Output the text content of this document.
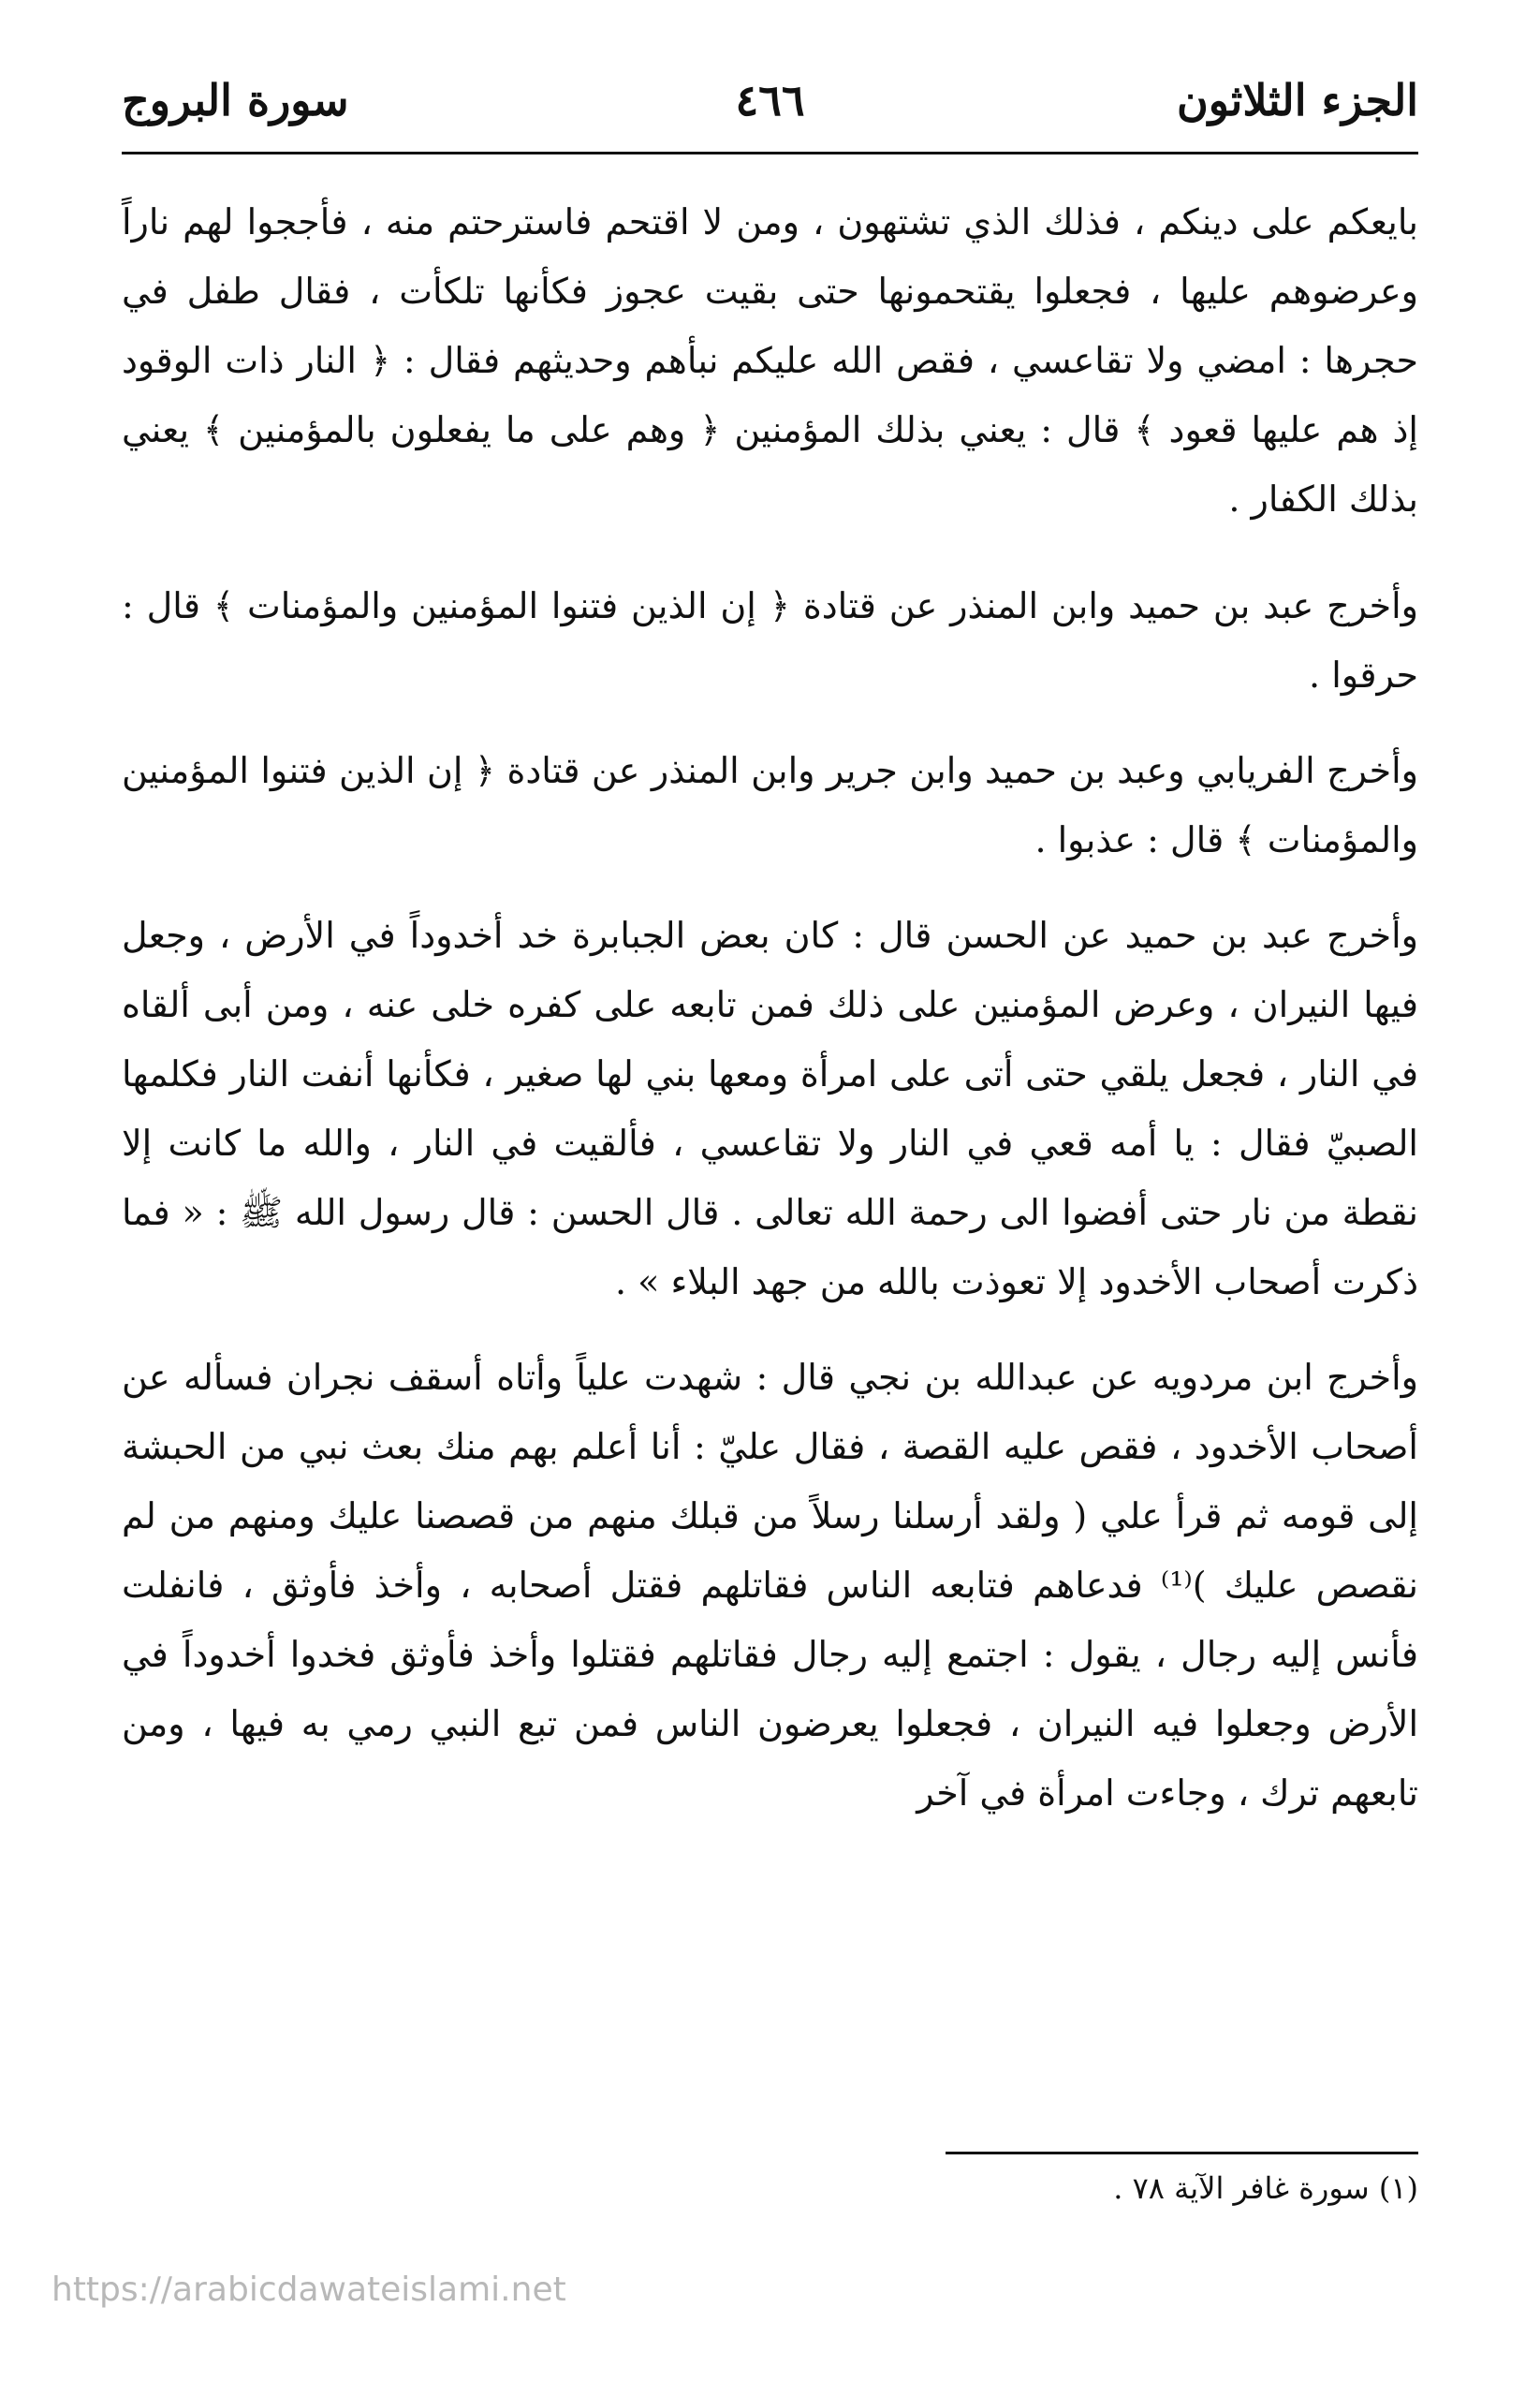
الجزء الثلاثون
٤٦٦
سورة البروج

بايعكم على دينكم ، فذلك الذي تشتهون ، ومن لا اقتحم فاسترحتم منه ، فأججوا لهم ناراً وعرضوهم عليها ، فجعلوا يقتحمونها حتى بقيت عجوز فكأنها تلكأت ، فقال طفل في حجرها : امضي ولا تقاعسي ، فقص الله عليكم نبأهم وحديثهم فقال : ﴿ النار ذات الوقود إذ هم عليها قعود ﴾ قال : يعني بذلك المؤمنين ﴿ وهم على ما يفعلون بالمؤمنين ﴾ يعني بذلك الكفار .

وأخرج عبد بن حميد وابن المنذر عن قتادة ﴿ إن الذين فتنوا المؤمنين والمؤمنات ﴾ قال : حرقوا .

وأخرج الفريابي وعبد بن حميد وابن جرير وابن المنذر عن قتادة ﴿ إن الذين فتنوا المؤمنين والمؤمنات ﴾ قال : عذبوا .

وأخرج عبد بن حميد عن الحسن قال : كان بعض الجبابرة خد أخدوداً في الأرض ، وجعل فيها النيران ، وعرض المؤمنين على ذلك فمن تابعه على كفره خلى عنه ، ومن أبى ألقاه في النار ، فجعل يلقي حتى أتى على امرأة ومعها بني لها صغير ، فكأنها أنفت النار فكلمها الصبيّ فقال : يا أمه قعي في النار ولا تقاعسي ، فألقيت في النار ، والله ما كانت إلا نقطة من نار حتى أفضوا الى رحمة الله تعالى . قال الحسن : قال رسول الله ﷺ : « فما ذكرت أصحاب الأخدود إلا تعوذت بالله من جهد البلاء » .

وأخرج ابن مردويه عن عبدالله بن نجي قال : شهدت علياً وأتاه أسقف نجران فسأله عن أصحاب الأخدود ، فقص عليه القصة ، فقال عليّ : أنا أعلم بهم منك بعث نبي من الحبشة إلى قومه ثم قرأ علي ( ولقد أرسلنا رسلاً من قبلك منهم من قصصنا عليك ومنهم من لم نقصص عليك )⁽¹⁾ فدعاهم فتابعه الناس فقاتلهم فقتل أصحابه ، وأخذ فأوثق ، فانفلت فأنس إليه رجال ، يقول : اجتمع إليه رجال فقاتلهم فقتلوا وأخذ فأوثق فخدوا أخدوداً في الأرض وجعلوا فيه النيران ، فجعلوا يعرضون الناس فمن تبع النبي رمي به فيها ، ومن تابعهم ترك ، وجاءت امرأة في آخر

(١) سورة غافر الآية ٧٨ .
https://arabicdawateislami.net
